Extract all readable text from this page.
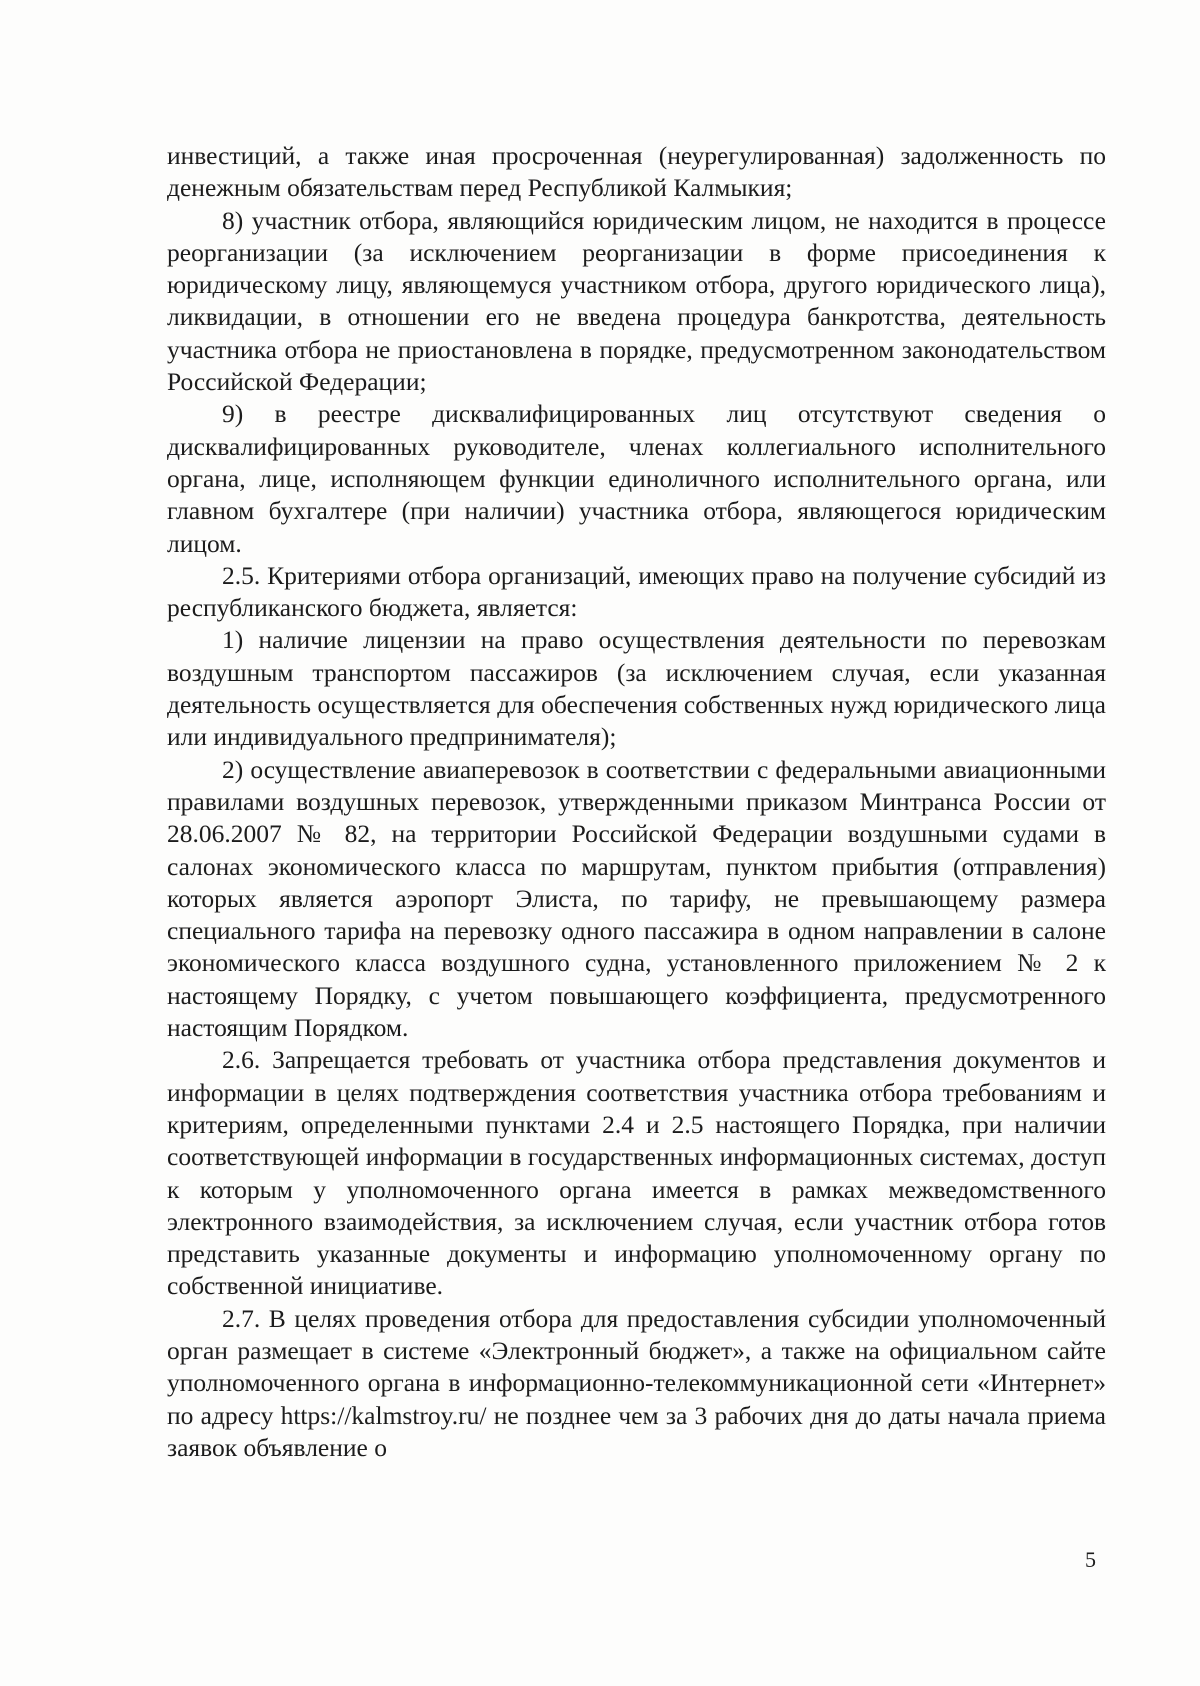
инвестиций, а также иная просроченная (неурегулированная) задолженность по денежным обязательствам перед Республикой Калмыкия;

8) участник отбора, являющийся юридическим лицом, не находится в процессе реорганизации (за исключением реорганизации в форме присоединения к юридическому лицу, являющемуся участником отбора, другого юридического лица), ликвидации, в отношении его не введена процедура банкротства, деятельность участника отбора не приостановлена в порядке, предусмотренном законодательством Российской Федерации;

9) в реестре дисквалифицированных лиц отсутствуют сведения о дисквалифицированных руководителе, членах коллегиального исполнительного органа, лице, исполняющем функции единоличного исполнительного органа, или главном бухгалтере (при наличии) участника отбора, являющегося юридическим лицом.

2.5. Критериями отбора организаций, имеющих право на получение субсидий из республиканского бюджета, является:

1) наличие лицензии на право осуществления деятельности по перевозкам воздушным транспортом пассажиров (за исключением случая, если указанная деятельность осуществляется для обеспечения собственных нужд юридического лица или индивидуального предпринимателя);

2) осуществление авиаперевозок в соответствии с федеральными авиационными правилами воздушных перевозок, утвержденными приказом Минтранса России от 28.06.2007 № 82, на территории Российской Федерации воздушными судами в салонах экономического класса по маршрутам, пунктом прибытия (отправления) которых является аэропорт Элиста, по тарифу, не превышающему размера специального тарифа на перевозку одного пассажира в одном направлении в салоне экономического класса воздушного судна, установленного приложением № 2 к настоящему Порядку, с учетом повышающего коэффициента, предусмотренного настоящим Порядком.

2.6. Запрещается требовать от участника отбора представления документов и информации в целях подтверждения соответствия участника отбора требованиям и критериям, определенными пунктами 2.4 и 2.5 настоящего Порядка, при наличии соответствующей информации в государственных информационных системах, доступ к которым у уполномоченного органа имеется в рамках межведомственного электронного взаимодействия, за исключением случая, если участник отбора готов представить указанные документы и информацию уполномоченному органу по собственной инициативе.

2.7. В целях проведения отбора для предоставления субсидии уполномоченный орган размещает в системе «Электронный бюджет», а также на официальном сайте уполномоченного органа в информационно-телекоммуникационной сети «Интернет» по адресу https://kalmstroy.ru/ не позднее чем за 3 рабочих дня до даты начала приема заявок объявление о

5
